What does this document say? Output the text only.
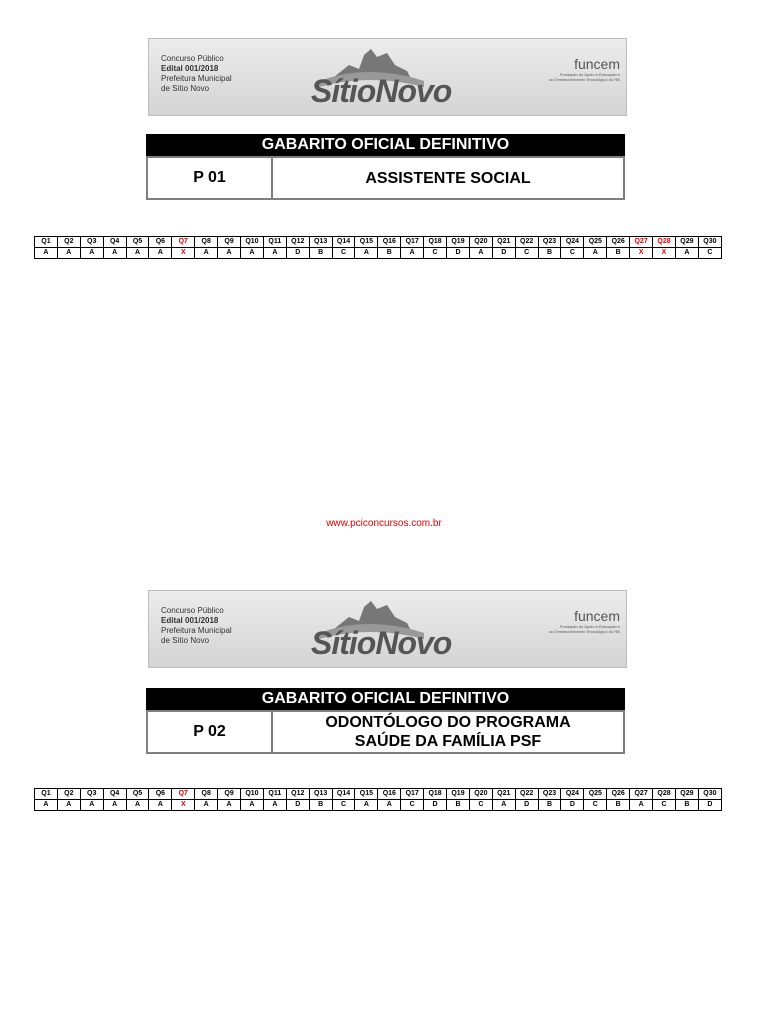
Concurso Público
Edital 001/2018
Prefeitura Municipal
de Sítio Novo	SítioNovo
funcem
Fundação de Apoio à Educação e
ao Desenvolvimento Tecnológico do RN
GABARITO OFICIAL DEFINITIVO
P 01	ASSISTENTE SOCIAL
Q1	Q2	Q3	Q4	Q5	Q6	Q7	Q8	Q9	Q10	Q11	Q12	Q13	Q14	Q15	Q16	Q17	Q18	Q19	Q20	Q21	Q22	Q23	Q24	Q25	Q26	Q27	Q28	Q29	Q30
A	A	A	A	A	A	X	A	A	A	A	D	B	C	A	B	A	C	D	A	D	C	B	C	A	B	X	X	A	C
www.pciconcursos.com.br
Concurso Público
Edital 001/2018
Prefeitura Municipal
de Sítio Novo	SítioNovo
funcem
Fundação de Apoio à Educação e
ao Desenvolvimento Tecnológico do RN
GABARITO OFICIAL DEFINITIVO
P 02
ODONTÓLOGO DO PROGRAMA
SAÚDE DA FAMÍLIA PSF
Q1	Q2	Q3	Q4	Q5	Q6	Q7	Q8	Q9	Q10	Q11	Q12	Q13	Q14	Q15	Q16	Q17	Q18	Q19	Q20	Q21	Q22	Q23	Q24	Q25	Q26	Q27	Q28	Q29	Q30
A	A	A	A	A	A	X	A	A	A	A	D	B	C	A	A	C	D	B	C	A	D	B	D	C	B	A	C	B	D
